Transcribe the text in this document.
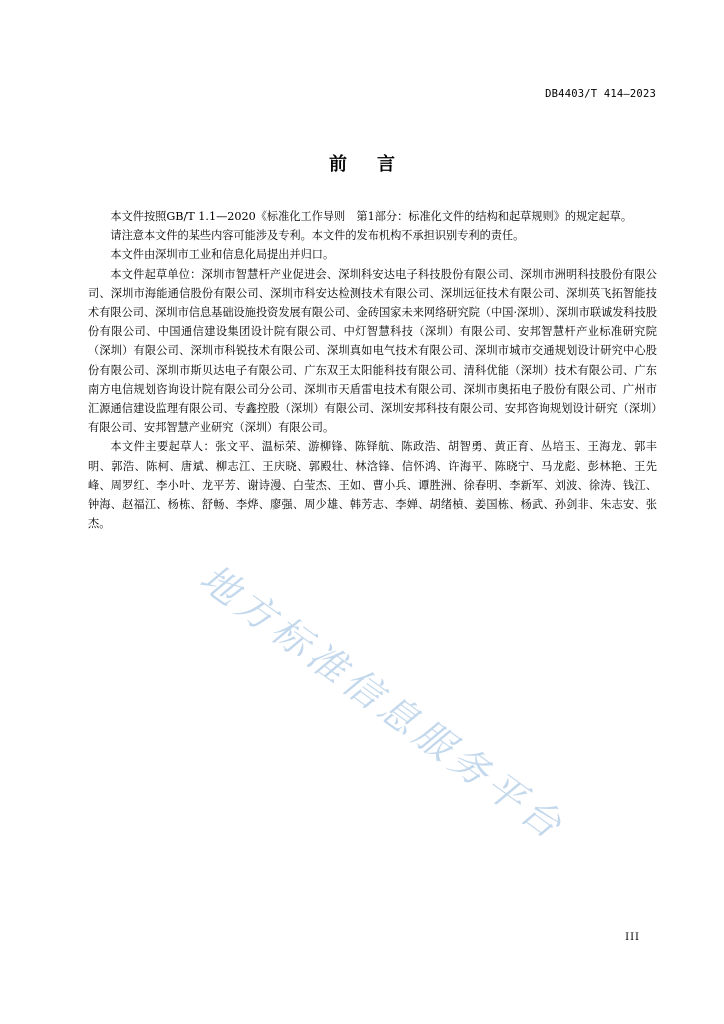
DB4403/T 414—2023
前言

本文件按照GB/T 1.1—2020《标准化工作导则　第1部分：标准化文件的结构和起草规则》的规定起草。

请注意本文件的某些内容可能涉及专利。本文件的发布机构不承担识别专利的责任。

本文件由深圳市工业和信息化局提出并归口。

本文件起草单位：深圳市智慧杆产业促进会、深圳科安达电子科技股份有限公司、深圳市洲明科技股份有限公司、深圳市海能通信股份有限公司、深圳市科安达检测技术有限公司、深圳远征技术有限公司、深圳英飞拓智能技术有限公司、深圳市信息基础设施投资发展有限公司、金砖国家未来网络研究院（中国·深圳）、深圳市联诚发科技股份有限公司、中国通信建设集团设计院有限公司、中灯智慧科技（深圳）有限公司、安邦智慧杆产业标准研究院（深圳）有限公司、深圳市科锐技术有限公司、深圳真如电气技术有限公司、深圳市城市交通规划设计研究中心股份有限公司、深圳市斯贝达电子有限公司、广东双王太阳能科技有限公司、清科优能（深圳）技术有限公司、广东南方电信规划咨询设计院有限公司分公司、深圳市天盾雷电技术有限公司、深圳市奥拓电子股份有限公司、广州市汇源通信建设监理有限公司、专鑫控股（深圳）有限公司、深圳安邦科技有限公司、安邦咨询规划设计研究（深圳）有限公司、安邦智慧产业研究（深圳）有限公司。

本文件主要起草人：张文平、温标荣、游柳锋、陈铎航、陈政浩、胡智勇、黄正育、丛培玉、王海龙、郭丰明、郭浩、陈柯、唐斌、柳志江、王庆晓、郭殿壮、林浛锋、信怀鸿、许海平、陈晓宁、马龙彪、彭林艳、王先峰、周罗红、李小叶、龙平芳、谢诗漫、白莹杰、王如、曹小兵、谭胜洲、徐春明、李新军、刘波、徐涛、钱江、钟海、赵福江、杨栋、舒畅、李烨、廖强、周少雄、韩芳志、李婵、胡绪楨、姜国栋、杨武、孙剑非、朱志安、张杰。

地方标准信息服务平台
III
